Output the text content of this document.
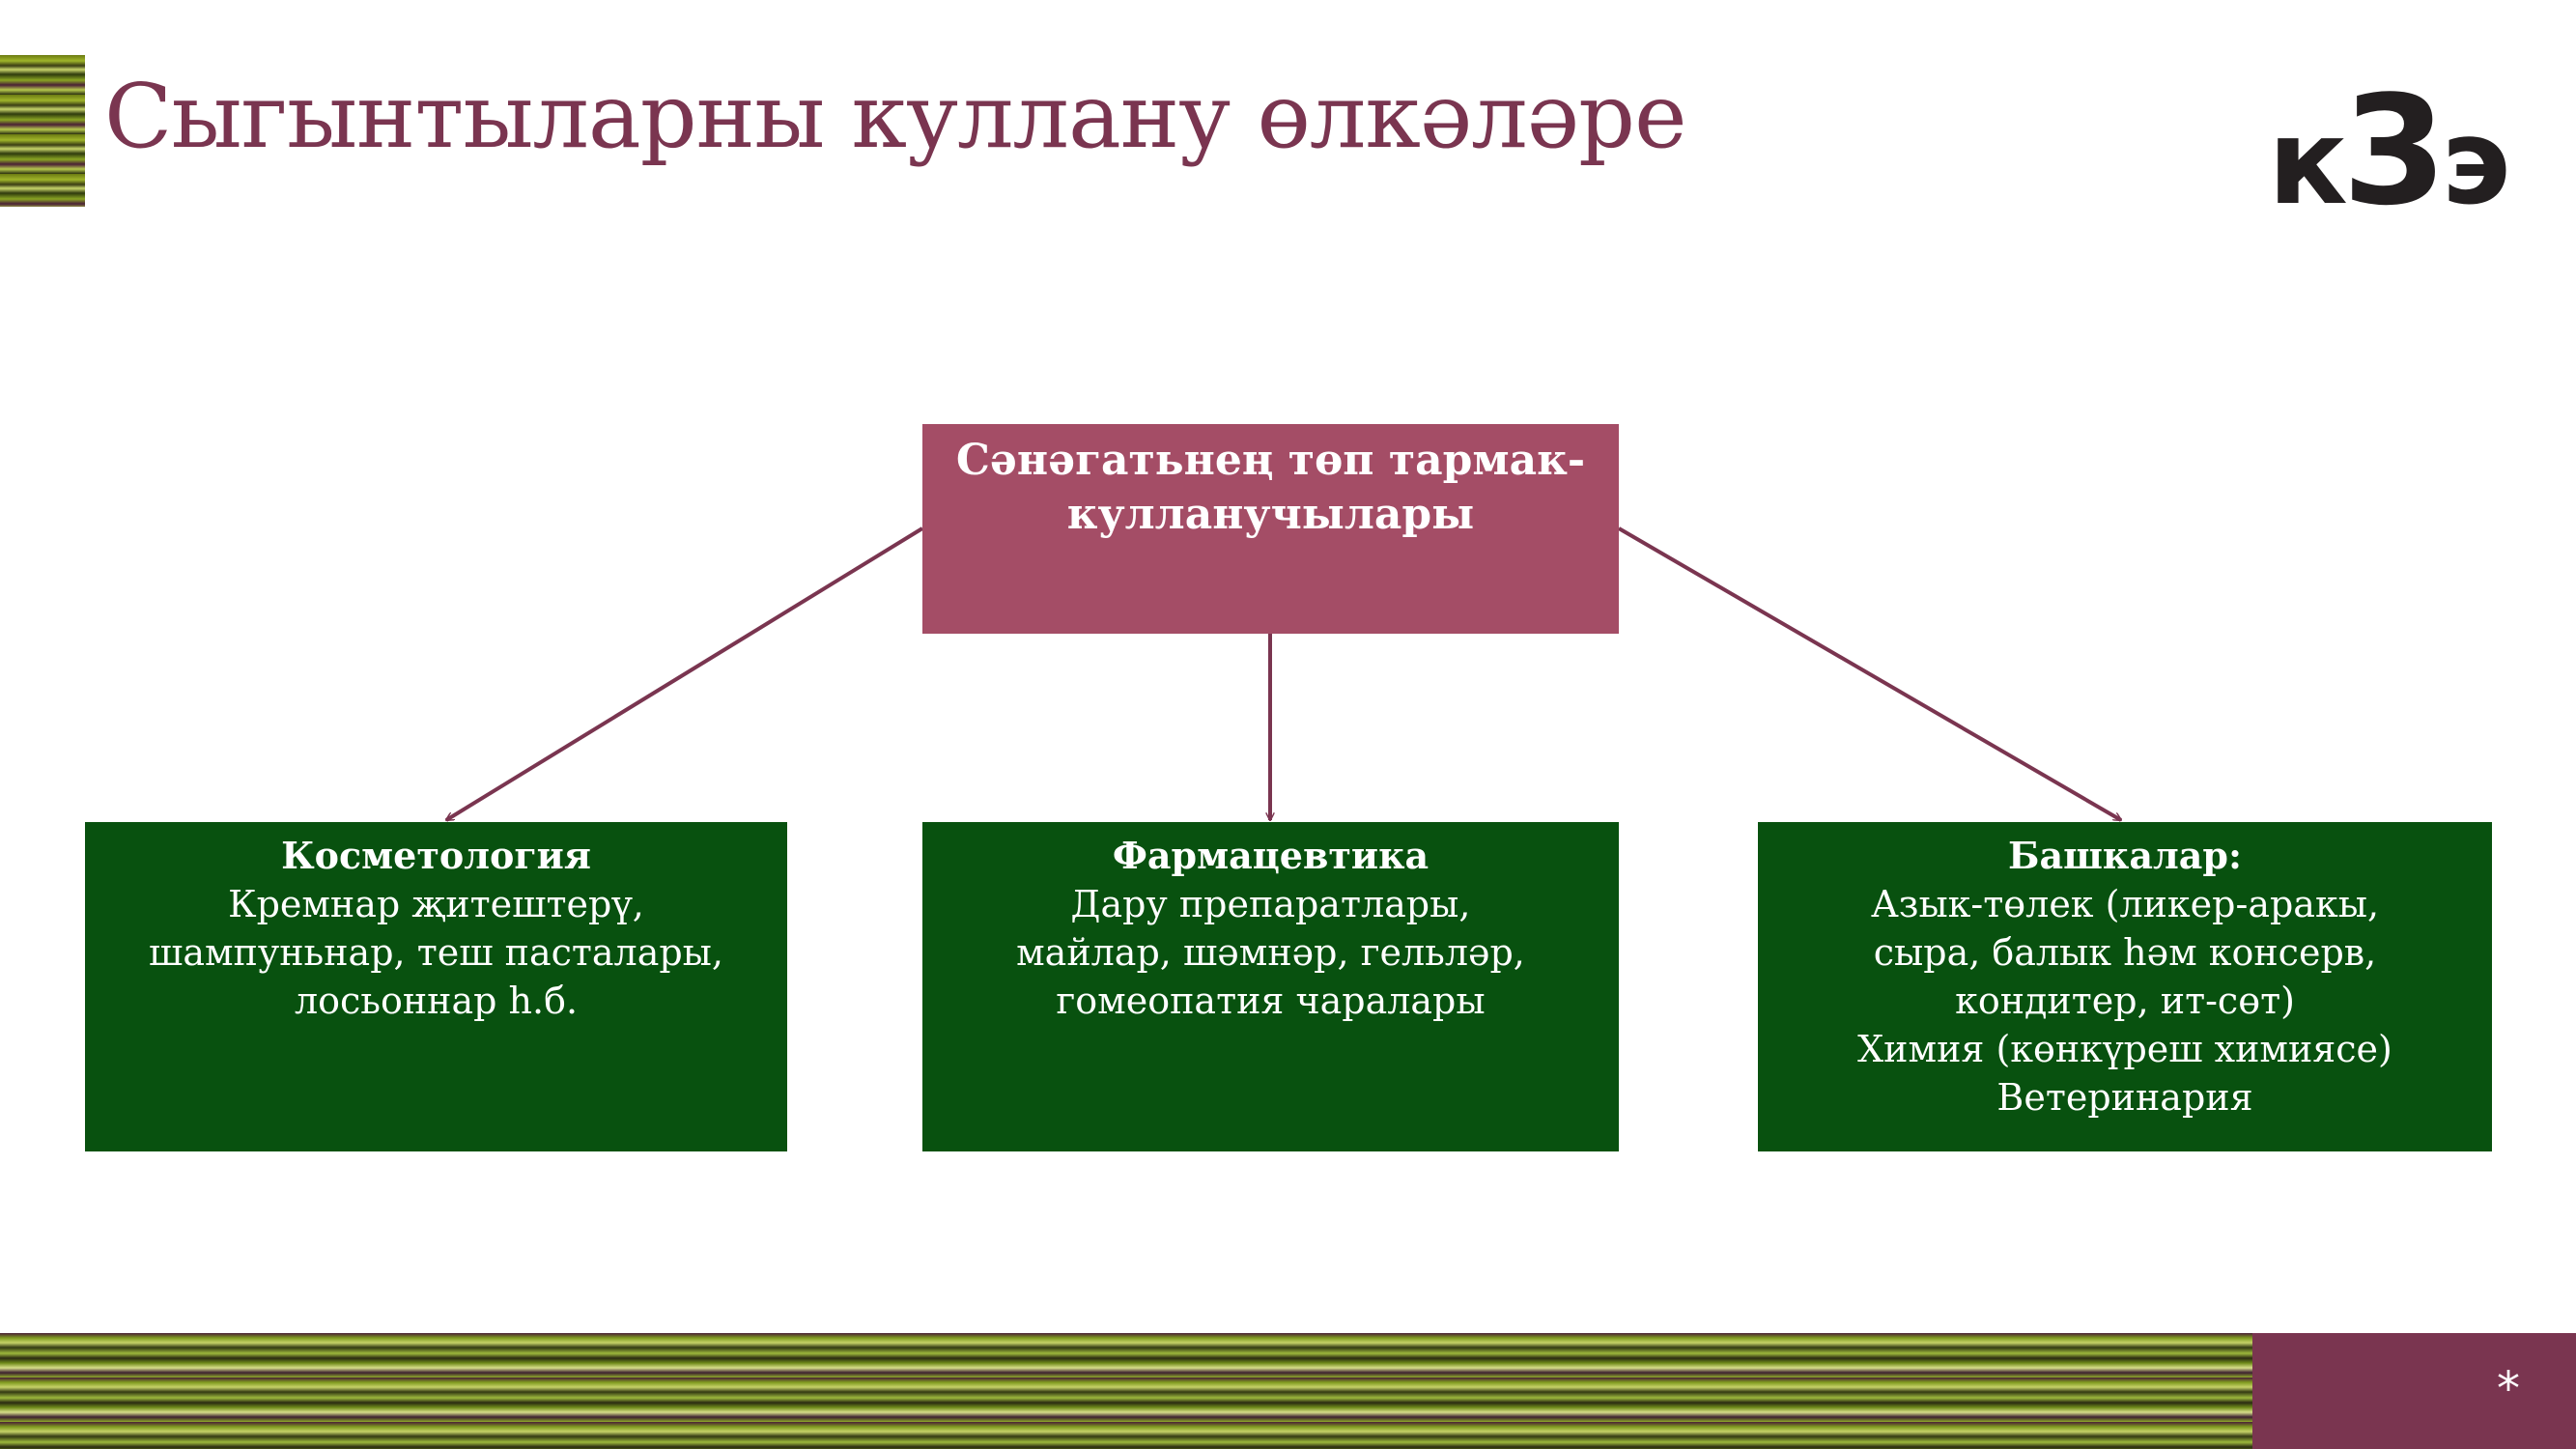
Сыгынтыларны куллану өлкәләре	к3э
Сәнәгатьнең төп тармак-
кулланучылары
Косметология
Кремнар җитештерү,
шампуньнар, теш пасталары,
лосьоннар һ.б.
Фармацевтика
Дару препаратлары,
майлар, шәмнәр, гельләр,
гомеопатия чаралары
Башкалар:
Азык-төлек (ликер-аракы,
сыра, балык һәм консерв,
кондитер, ит-сөт)
Химия (көнкүреш химиясе)
Ветеринария
*
